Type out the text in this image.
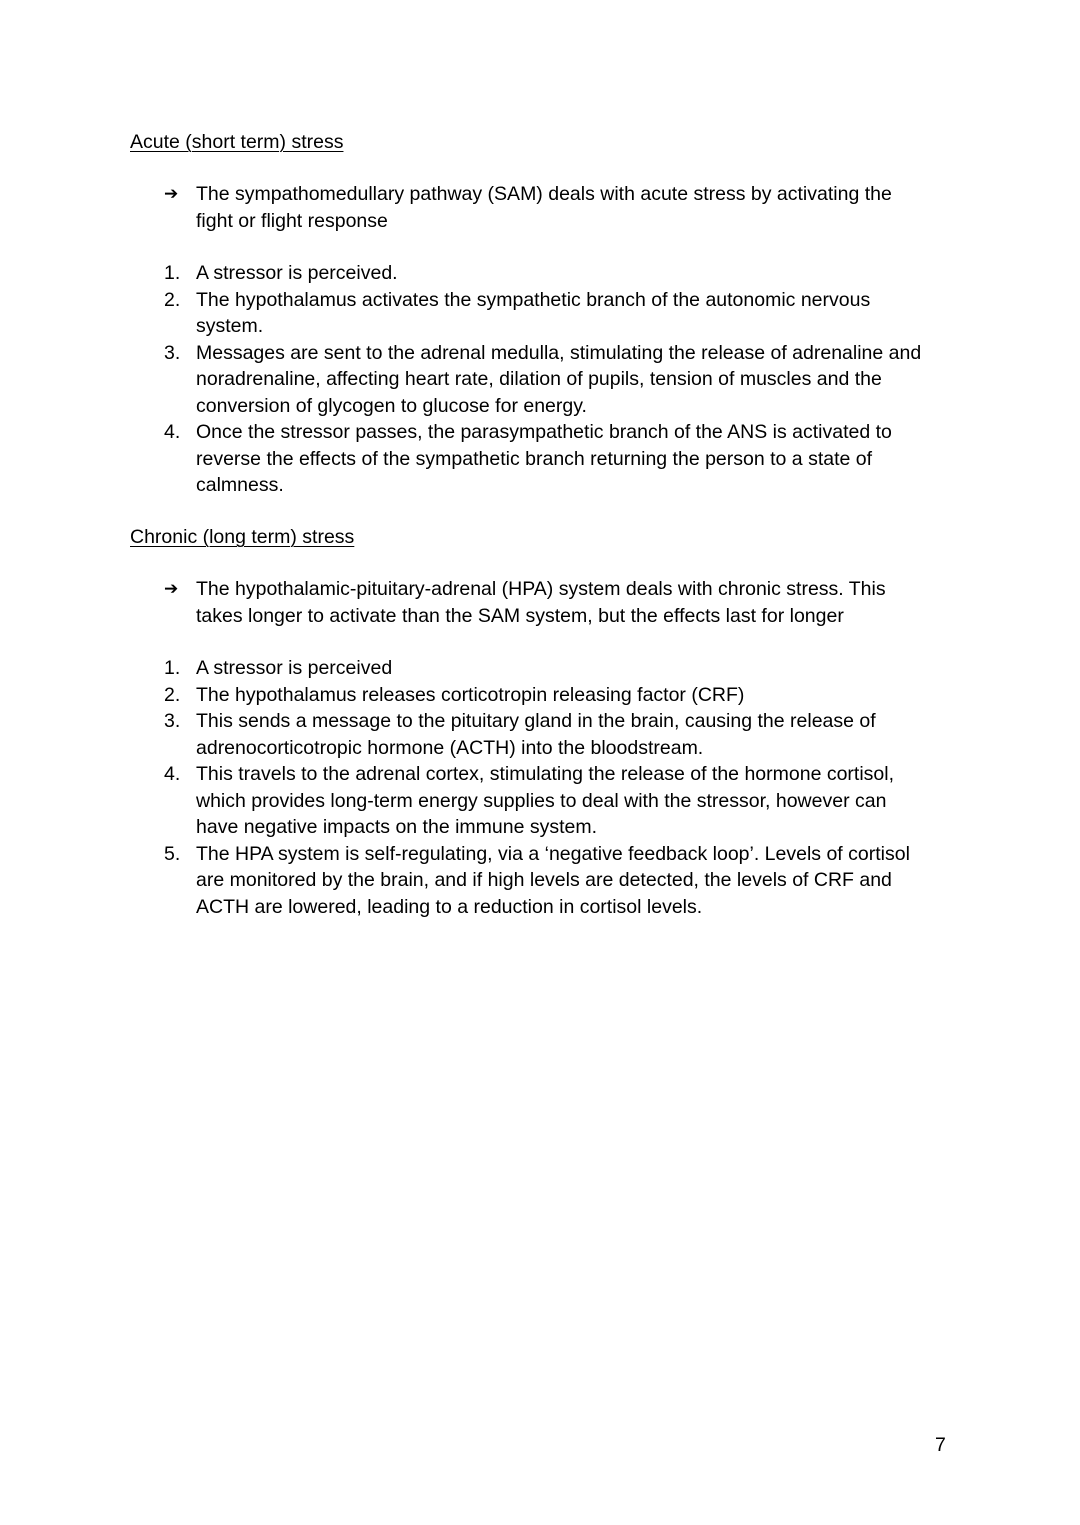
Acute (short term) stress
➔ The sympathomedullary pathway (SAM) deals with acute stress by activating the fight or flight response
1. A stressor is perceived.
2. The hypothalamus activates the sympathetic branch of the autonomic nervous system.
3. Messages are sent to the adrenal medulla, stimulating the release of adrenaline and noradrenaline, affecting heart rate, dilation of pupils, tension of muscles and the conversion of glycogen to glucose for energy.
4. Once the stressor passes, the parasympathetic branch of the ANS is activated to reverse the effects of the sympathetic branch returning the person to a state of calmness.
Chronic (long term) stress
➔ The hypothalamic-pituitary-adrenal (HPA) system deals with chronic stress. This takes longer to activate than the SAM system, but the effects last for longer
1. A stressor is perceived
2. The hypothalamus releases corticotropin releasing factor (CRF)
3. This sends a message to the pituitary gland in the brain, causing the release of adrenocorticotropic hormone (ACTH) into the bloodstream.
4. This travels to the adrenal cortex, stimulating the release of the hormone cortisol, which provides long-term energy supplies to deal with the stressor, however can have negative impacts on the immune system.
5. The HPA system is self-regulating, via a ‘negative feedback loop’. Levels of cortisol are monitored by the brain, and if high levels are detected, the levels of CRF and ACTH are lowered, leading to a reduction in cortisol levels.
7
